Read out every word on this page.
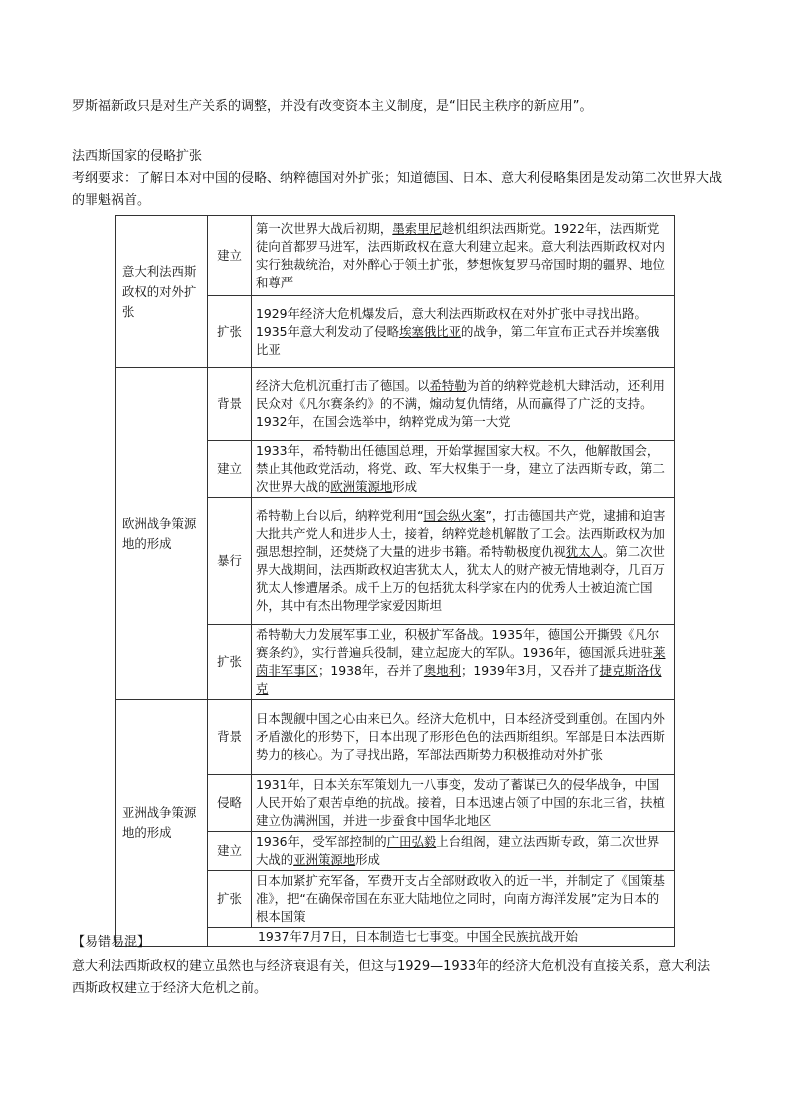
罗斯福新政只是对生产关系的调整，并没有改变资本主义制度，是“旧民主秩序的新应用”。

法西斯国家的侵略扩张

考纲要求：了解日本对中国的侵略、纳粹德国对外扩张；知道德国、日本、意大利侵略集团是发动第二次世界大战的罪魁祸首。

意大利法西斯政权的对外扩张	建立	第一次世界大战后初期，墨索里尼趁机组织法西斯党。1922年，法西斯党徒向首都罗马进军，法西斯政权在意大利建立起来。意大利法西斯政权对内实行独裁统治，对外醉心于领土扩张，梦想恢复罗马帝国时期的疆界、地位和尊严
	扩张	1929年经济大危机爆发后，意大利法西斯政权在对外扩张中寻找出路。1935年意大利发动了侵略埃塞俄比亚的战争，第二年宣布正式吞并埃塞俄比亚
欧洲战争策源地的形成	背景	经济大危机沉重打击了德国。以希特勒为首的纳粹党趁机大肆活动，还利用民众对《凡尔赛条约》的不满，煽动复仇情绪，从而赢得了广泛的支持。1932年，在国会选举中，纳粹党成为第一大党
	建立	1933年，希特勒出任德国总理，开始掌握国家大权。不久，他解散国会，禁止其他政党活动，将党、政、军大权集于一身，建立了法西斯专政，第二次世界大战的欧洲策源地形成
	暴行	希特勒上台以后，纳粹党利用“国会纵火案”，打击德国共产党，逮捕和迫害大批共产党人和进步人士，接着，纳粹党趁机解散了工会。法西斯政权为加强思想控制，还焚烧了大量的进步书籍。希特勒极度仇视犹太人。第二次世界大战期间，法西斯政权迫害犹太人，犹太人的财产被无情地剥夺，几百万犹太人惨遭屠杀。成千上万的包括犹太科学家在内的优秀人士被迫流亡国外，其中有杰出物理学家爱因斯坦
	扩张	希特勒大力发展军事工业，积极扩军备战。1935年，德国公开撕毁《凡尔赛条约》，实行普遍兵役制，建立起庞大的军队。1936年，德国派兵进驻莱茵非军事区；1938年，吞并了奥地利；1939年3月，又吞并了捷克斯洛伐克
亚洲战争策源地的形成	背景	日本觊觎中国之心由来已久。经济大危机中，日本经济受到重创。在国内外矛盾激化的形势下，日本出现了形形色色的法西斯组织。军部是日本法西斯势力的核心。为了寻找出路，军部法西斯势力积极推动对外扩张
	侵略	1931年，日本关东军策划九一八事变，发动了蓄谋已久的侵华战争，中国人民开始了艰苦卓绝的抗战。接着，日本迅速占领了中国的东北三省，扶植建立伪满洲国，并进一步蚕食中国华北地区
	建立	1936年，受军部控制的广田弘毅上台组阁，建立法西斯专政，第二次世界大战的亚洲策源地形成
	扩张	日本加紧扩充军备，军费开支占全部财政收入的近一半，并制定了《国策基准》，把“在确保帝国在东亚大陆地位之同时，向南方海洋发展”定为日本的根本国策
	1937年7月7日，日本制造七七事变。中国全民族抗战开始	

【易错易混】

意大利法西斯政权的建立虽然也与经济衰退有关，但这与1929—1933年的经济大危机没有直接关系，意大利法西斯政权建立于经济大危机之前。
